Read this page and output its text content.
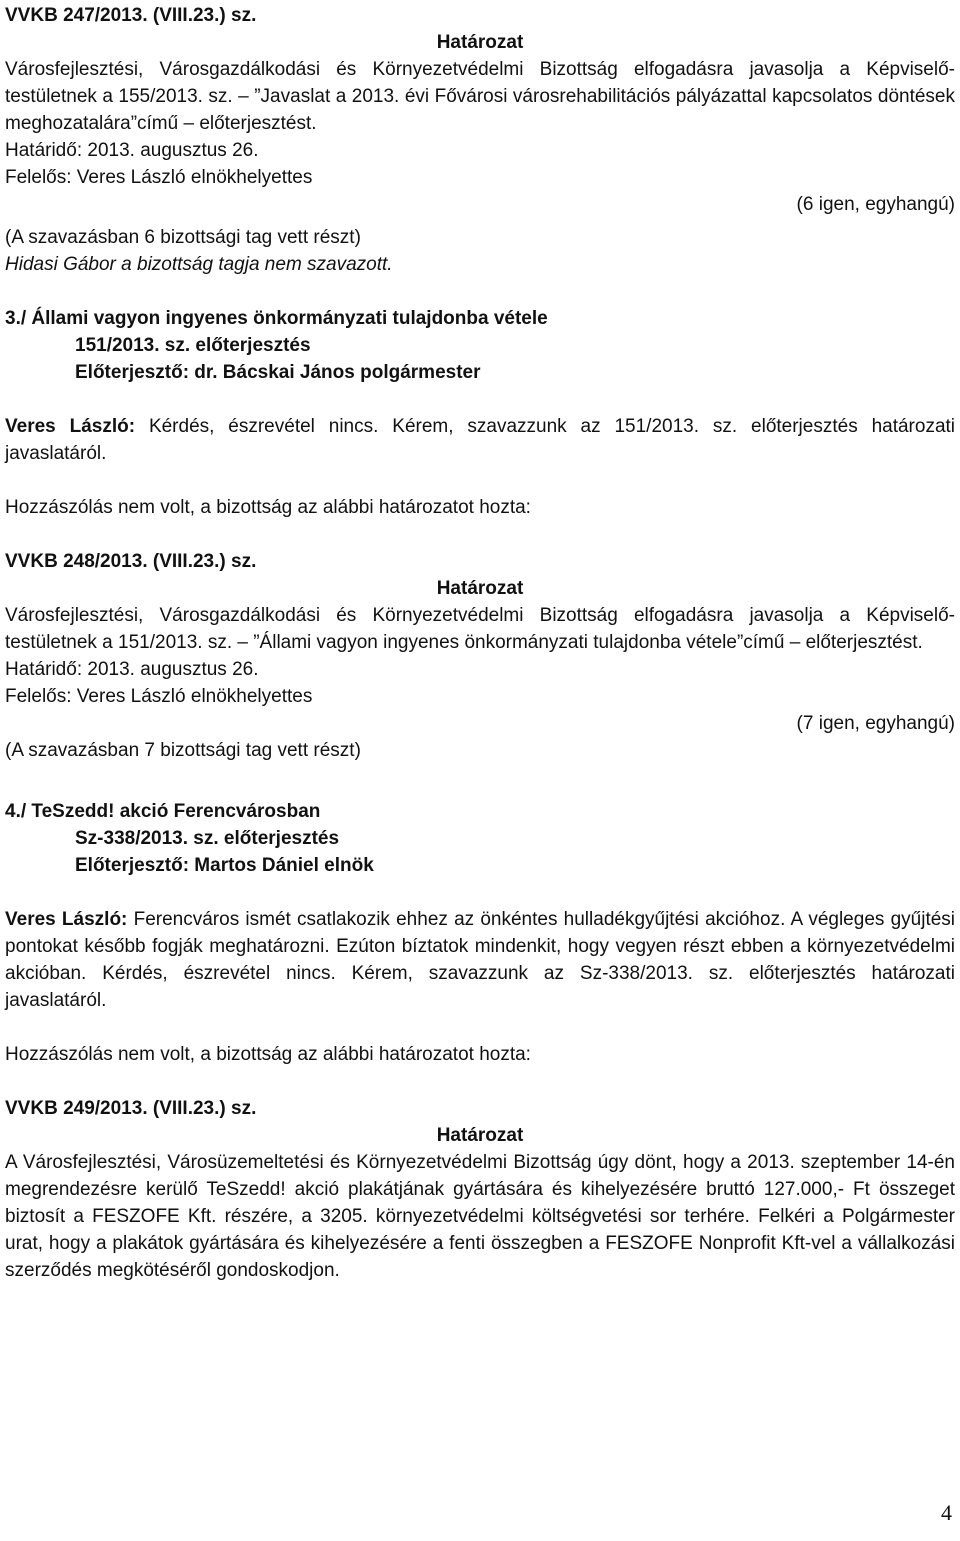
VVKB 247/2013. (VIII.23.) sz.

Határozat

Városfejlesztési, Városgazdálkodási és Környezetvédelmi Bizottság elfogadásra javasolja a Képviselő-testületnek a 155/2013. sz. – ”Javaslat a 2013. évi Fővárosi városrehabilitációs pályázattal kapcsolatos döntések meghozatalára”című – előterjesztést.

Határidő: 2013. augusztus 26.

Felelős: Veres László elnökhelyettes

(6 igen, egyhangú)

(A szavazásban 6 bizottsági tag vett részt)

Hidasi Gábor a bizottság tagja nem szavazott.

3./ Állami vagyon ingyenes önkormányzati tulajdonba vétele

151/2013. sz. előterjesztés

Előterjesztő: dr. Bácskai János polgármester

Veres László: Kérdés, észrevétel nincs. Kérem, szavazzunk az 151/2013. sz. előterjesztés határozati javaslatáról.

Hozzászólás nem volt, a bizottság az alábbi határozatot hozta:

VVKB 248/2013. (VIII.23.) sz.

Határozat

Városfejlesztési, Városgazdálkodási és Környezetvédelmi Bizottság elfogadásra javasolja a Képviselő-testületnek a 151/2013. sz. – ”Állami vagyon ingyenes önkormányzati tulajdonba vétele”című – előterjesztést.

Határidő: 2013. augusztus 26.

Felelős: Veres László elnökhelyettes

(7 igen, egyhangú)

(A szavazásban 7 bizottsági tag vett részt)

4./ TeSzedd! akció Ferencvárosban

Sz-338/2013. sz. előterjesztés

Előterjesztő: Martos Dániel elnök

Veres László: Ferencváros ismét csatlakozik ehhez az önkéntes hulladékgyűjtési akcióhoz. A végleges gyűjtési pontokat később fogják meghatározni. Ezúton bíztatok mindenkit, hogy vegyen részt ebben a környezetvédelmi akcióban. Kérdés, észrevétel nincs. Kérem, szavazzunk az Sz-338/2013. sz. előterjesztés határozati javaslatáról.

Hozzászólás nem volt, a bizottság az alábbi határozatot hozta:

VVKB 249/2013. (VIII.23.) sz.

Határozat

A Városfejlesztési, Városüzemeltetési és Környezetvédelmi Bizottság úgy dönt, hogy a 2013. szeptember 14-én megrendezésre kerülő TeSzedd! akció plakátjának gyártására és kihelyezésére bruttó 127.000,- Ft összeget biztosít a FESZOFE Kft. részére, a 3205. környezetvédelmi költségvetési sor terhére. Felkéri a Polgármester urat, hogy a plakátok gyártására és kihelyezésére a fenti összegben a FESZOFE Nonprofit Kft-vel a vállalkozási szerződés megkötéséről gondoskodjon.

4
